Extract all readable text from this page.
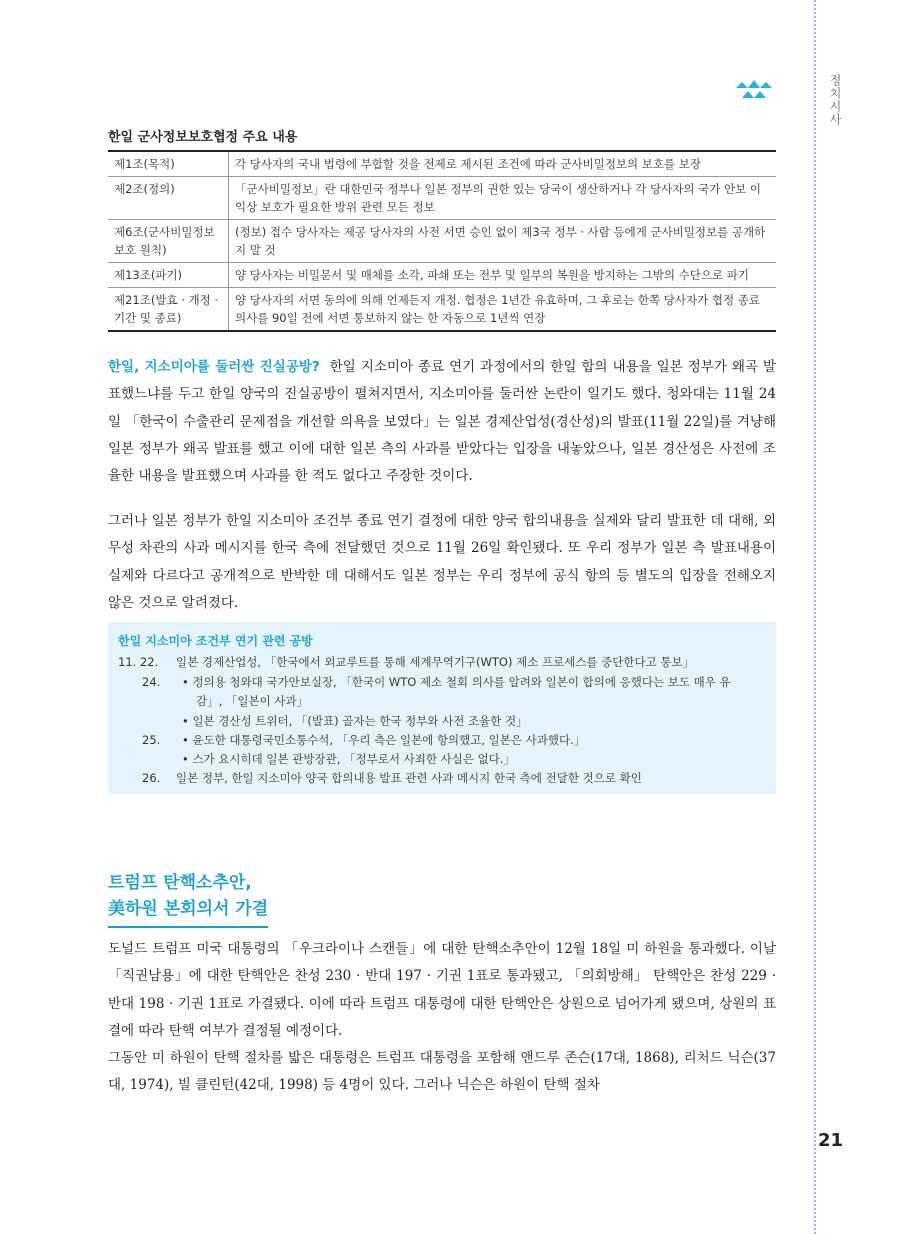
정치시사
한일 군사정보보호협정 주요 내용
제1조(목적)	각 당사자의 국내 법령에 부합할 것을 전제로 제시된 조건에 따라 군사비밀정보의 보호를 보장
제2조(정의)	「군사비밀정보」란 대한민국 정부나 일본 정부의 권한 있는 당국이 생산하거나 각 당사자의 국가 안보 이익상 보호가 필요한 방위 관련 모든 정보
제6조(군사비밀정보 보호 원칙)	(정보) 접수 당사자는 제공 당사자의 사전 서면 승인 없이 제3국 정부 · 사람 등에게 군사비밀정보를 공개하지 말 것
제13조(파기)	양 당사자는 비밀문서 및 매체를 소각, 파쇄 또는 전부 및 일부의 복원을 방지하는 그밖의 수단으로 파기
제21조(발효 · 개정 · 기간 및 종료)	양 당사자의 서면 동의에 의해 언제든지 개정. 협정은 1년간 유효하며, 그 후로는 한쪽 당사자가 협정 종료 의사를 90일 전에 서면 통보하지 않는 한 자동으로 1년씩 연장

한일, 지소미아를 둘러싼 진실공방? 한일 지소미아 종료 연기 과정에서의 한일 합의 내용을 일본 정부가 왜곡 발표했느냐를 두고 한일 양국의 진실공방이 펼쳐지면서, 지소미아를 둘러싼 논란이 일기도 했다. 청와대는 11월 24일 「한국이 수출관리 문제점을 개선할 의욕을 보였다」는 일본 경제산업성(경산성)의 발표(11월 22일)를 겨냥해 일본 정부가 왜곡 발표를 했고 이에 대한 일본 측의 사과를 받았다는 입장을 내놓았으나, 일본 경산성은 사전에 조율한 내용을 발표했으며 사과를 한 적도 없다고 주장한 것이다.

그러나 일본 정부가 한일 지소미아 조건부 종료 연기 결정에 대한 양국 합의내용을 실제와 달리 발표한 데 대해, 외무성 차관의 사과 메시지를 한국 측에 전달했던 것으로 11월 26일 확인됐다. 또 우리 정부가 일본 측 발표내용이 실제와 다르다고 공개적으로 반박한 데 대해서도 일본 정부는 우리 정부에 공식 항의 등 별도의 입장을 전해오지 않은 것으로 알려졌다.

한일 지소미아 조건부 연기 관련 공방
11. 22. 일본 경제산업성, 「한국에서 외교루트를 통해 세계무역기구(WTO) 제소 프로세스를 중단한다고 통보」
24. • 정의용 청와대 국가안보실장, 「한국이 WTO 제소 철회 의사를 알려와 일본이 합의에 응했다는 보도 매우 유
감」, 「일본이 사과」
• 일본 경산성 트위터, 「(발표) 골자는 한국 정부와 사전 조율한 것」
25. • 윤도한 대통령국민소통수석, 「우리 측은 일본에 항의했고, 일본은 사과했다.」
• 스가 요시히데 일본 관방장관, 「정부로서 사죄한 사실은 없다.」
26. 일본 정부, 한일 지소미아 양국 합의내용 발표 관련 사과 메시지 한국 측에 전달한 것으로 확인
트럼프 탄핵소추안,
美하원 본회의서 가결

도널드 트럼프 미국 대통령의 「우크라이나 스캔들」에 대한 탄핵소추안이 12월 18일 미 하원을 통과했다. 이날 「직권남용」에 대한 탄핵안은 찬성 230 · 반대 197 · 기권 1표로 통과됐고, 「의회방해」 탄핵안은 찬성 229 · 반대 198 · 기권 1표로 가결됐다. 이에 따라 트럼프 대통령에 대한 탄핵안은 상원으로 넘어가게 됐으며, 상원의 표결에 따라 탄핵 여부가 결정될 예정이다.

그동안 미 하원이 탄핵 절차를 밟은 대통령은 트럼프 대통령을 포함해 앤드루 존슨(17대, 1868), 리처드 닉슨(37대, 1974), 빌 클린턴(42대, 1998) 등 4명이 있다. 그러나 닉슨은 하원이 탄핵 절차

21
